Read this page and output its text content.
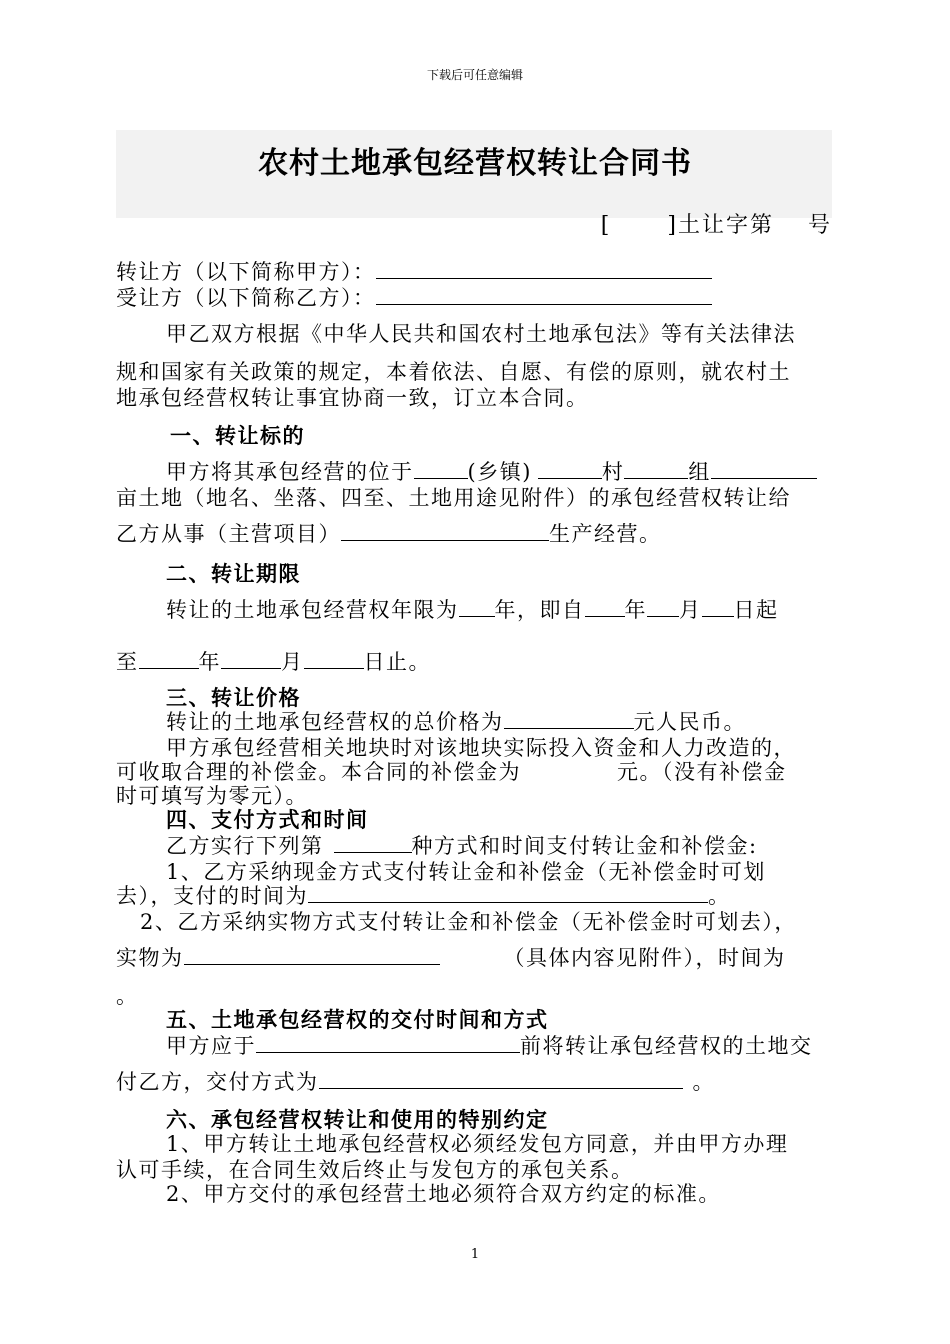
下载后可任意编辑
农村土地承包经营权转让合同书
[	]土让字第 号
转让方（以下简称甲方）：
受让方（以下简称乙方）：
甲乙双方根据《中华人民共和国农村土地承包法》等有关法律法
规和国家有关政策的规定，本着依法、自愿、有偿的原则，就农村土
地承包经营权转让事宜协商一致，订立本合同。
一、转让标的
甲方将其承包经营的位于	(乡镇)	村	组
亩土地（地名、坐落、四至、土地用途见附件）的承包经营权转让给
乙方从事（主营项目）	生产经营。
二、转让期限
转让的土地承包经营权年限为 年，即自 年 月 日起
至	年	月	日止。
三、转让价格
转让的土地承包经营权的总价格为	元人民币。
甲方承包经营相关地块时对该地块实际投入资金和人力改造的，
可收取合理的补偿金。本合同的补偿金为	元。（没有补偿金
时可填写为零元）。
四、支付方式和时间
乙方实行下列第	种方式和时间支付转让金和补偿金:
1、乙方采纳现金方式支付转让金和补偿金（无补偿金时可划
去），支付的时间为	。
2、乙方采纳实物方式支付转让金和补偿金（无补偿金时可划去），
实物为	（具体内容见附件），时间为
。
五、土地承包经营权的交付时间和方式
甲方应于	前将转让承包经营权的土地交
付乙方，交付方式为	。
六、承包经营权转让和使用的特别约定
1、甲方转让土地承包经营权必须经发包方同意，并由甲方办理
认可手续，在合同生效后终止与发包方的承包关系。
2、甲方交付的承包经营土地必须符合双方约定的标准。
1
